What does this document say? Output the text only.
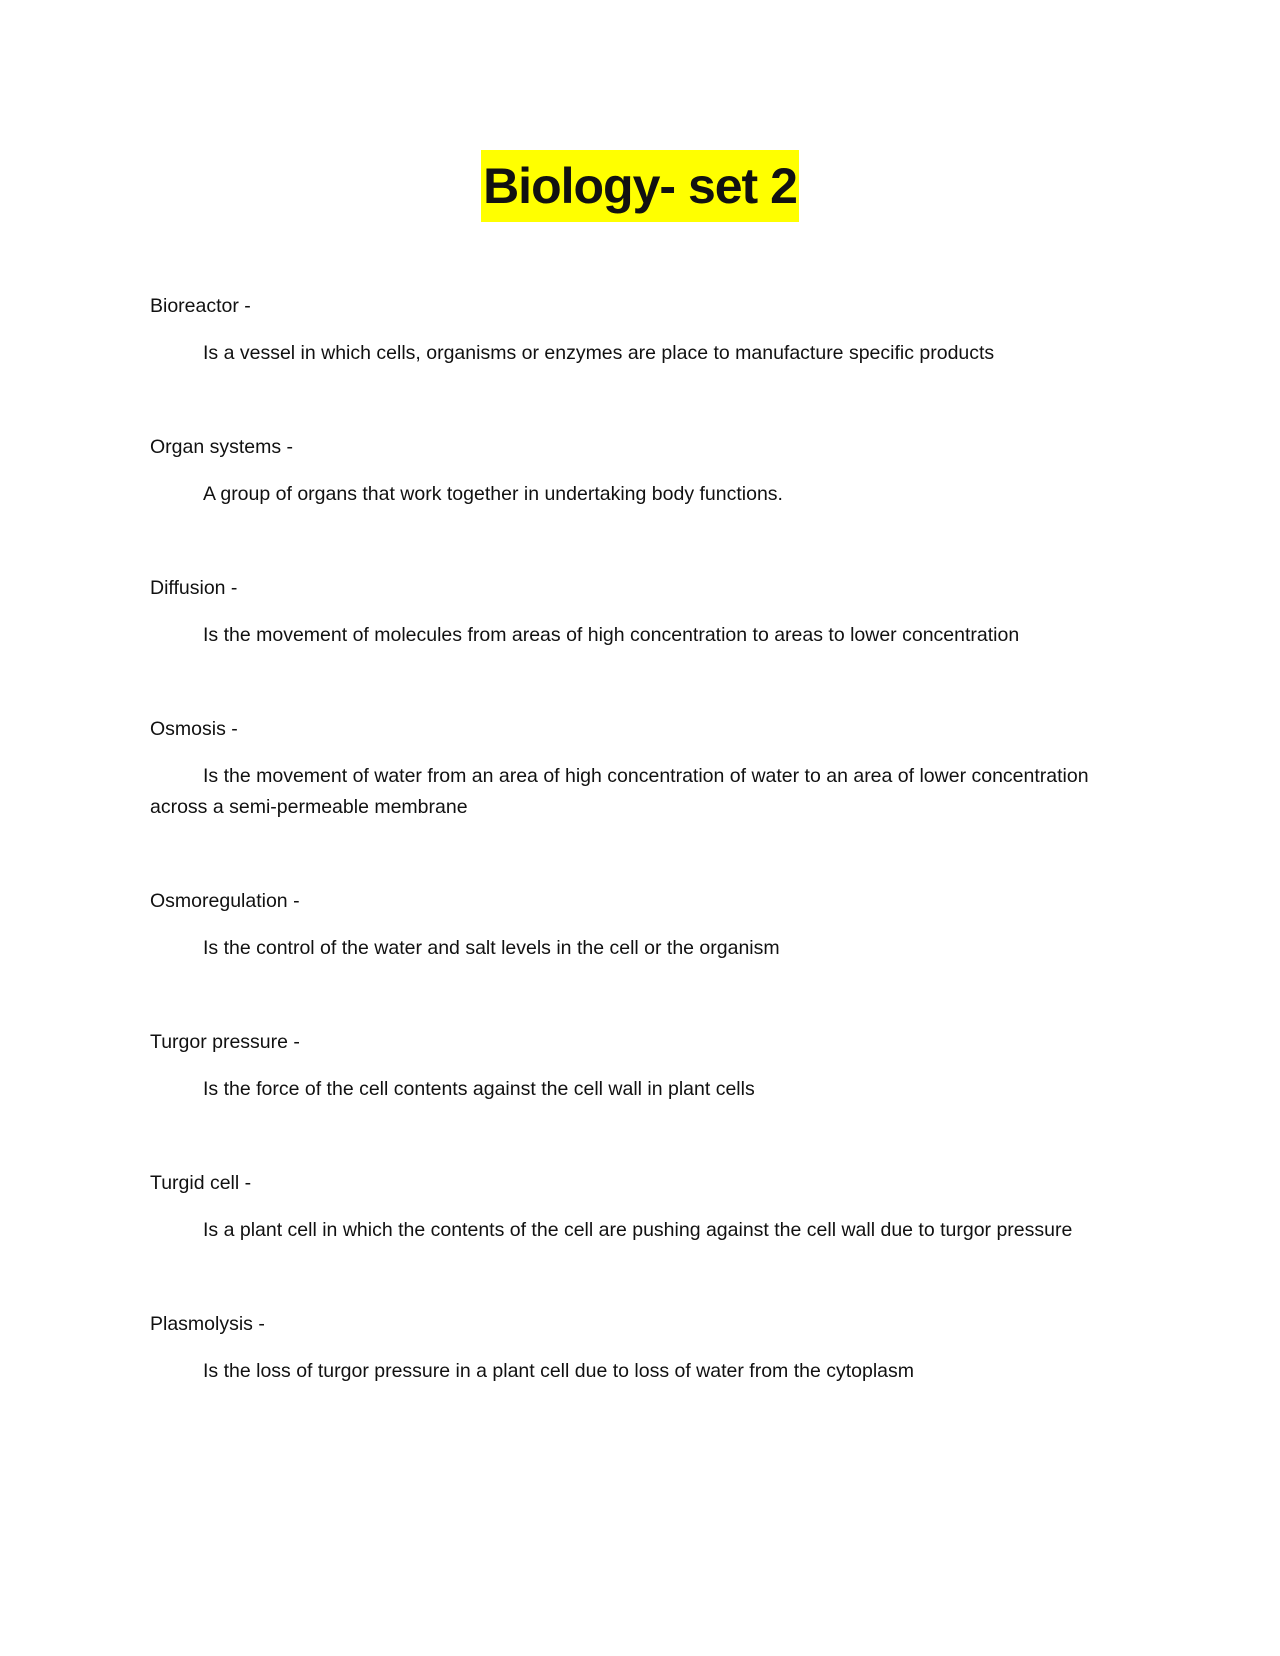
Biology- set 2
Bioreactor -
Is a vessel in which cells, organisms or enzymes are place to manufacture specific products
Organ systems -
A group of organs that work together in undertaking body functions.
Diffusion -
Is the movement of molecules from areas of high concentration to areas to lower concentration
Osmosis -
Is the movement of water from an area of high concentration of water to an area of lower concentration across a semi-permeable membrane
Osmoregulation -
Is the control of the water and salt levels in the cell or the organism
Turgor pressure -
Is the force of the cell contents against the cell wall in plant cells
Turgid cell -
Is a plant cell in which the contents of the cell are pushing against the cell wall due to turgor pressure
Plasmolysis -
Is the loss of turgor pressure in a plant cell due to loss of water from the cytoplasm
